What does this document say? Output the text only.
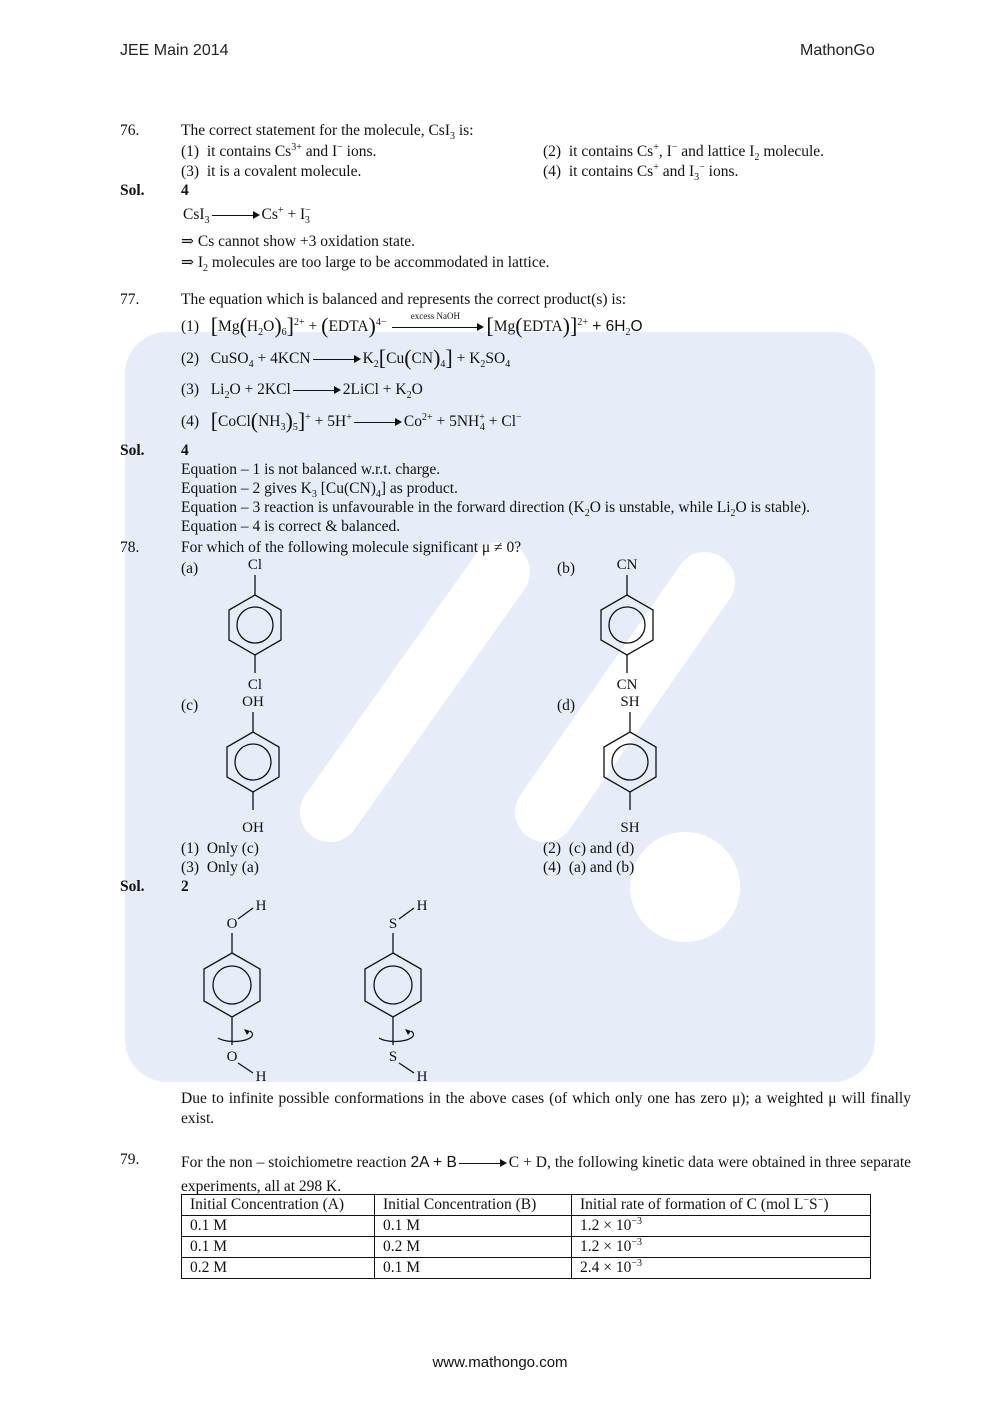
JEE Main 2014	MathonGo
76.	The correct statement for the molecule, CsI$_3$ is:
(1) it contains $Cs^{3+}$ and I− ions.	(2) it contains Cs+, I− and lattice $I_2$ molecule.
(3) it is a covalent molecule.	(4) it contains Cs+ and $I_3^-$ ions.
Sol. 4
CsI$_3$	$Cs^+ + I^-_3$
⇒ Cs cannot show +3 oxidation state.
⇒ $I_2$ molecules are too large to be accommodated in lattice.
77.	The equation which is balanced and represents the correct product(s) is:
(1) $[Mg(H_2O)_6]^{2+}$ + (EDTA)$^{4-}$
excess NaOH	[Mg(EDTA)]$^{2+}$ + $6H_2O$
(2) CuSO$_4$ + 4KCN	$K_2[Cu(CN)_4] + K_2SO_4$
(3) $Li_2O + 2KCl$	2LiCl + $K_2O$
(4) $[CoCl(NH_3)_5]^+ + 5H^+$	$Co^{2+} + 5NH^+_4 + Cl^-$
Sol. 4
Equation – 1 is not balanced w.r.t. charge.
Equation – 2 gives $K_3$ $[Cu(CN)_4]$ as product.
Equation – 3 reaction is unfavourable in the forward direction ($K_2O$ is unstable, while $Li_2O$ is stable).
Equation – 4 is correct & balanced.
78.	For which of the following molecule significant μ ≠ 0?
(a)	(b)
(c)	(d)
Cl
Cl
CN
CN
OH
OH
SH
SH
(1) Only (c)	(2) (c) and (d)
(3) Only (a)	(4) (a) and (b)
Sol. 2
O
H
O
H
S
H
S
H
Due to infinite possible conformations in the above cases (of which only one has zero μ); a weighted μ will finally exist.
79.	For the non – stoichiometre reaction 2A + B	C + D, the following kinetic data were obtained in three separate experiments, all at 298 K.
Initial Concentration (A)	Initial Concentration (B)	Initial rate of formation of C (mol L−S−)
0.1 M	0.1 M	$1.2 \times 10^{-3}$
0.1 M	0.2 M	$1.2 \times 10^{-3}$
0.2 M	0.1 M	$2.4 \times 10^{-3}$
www.mathongo.com
